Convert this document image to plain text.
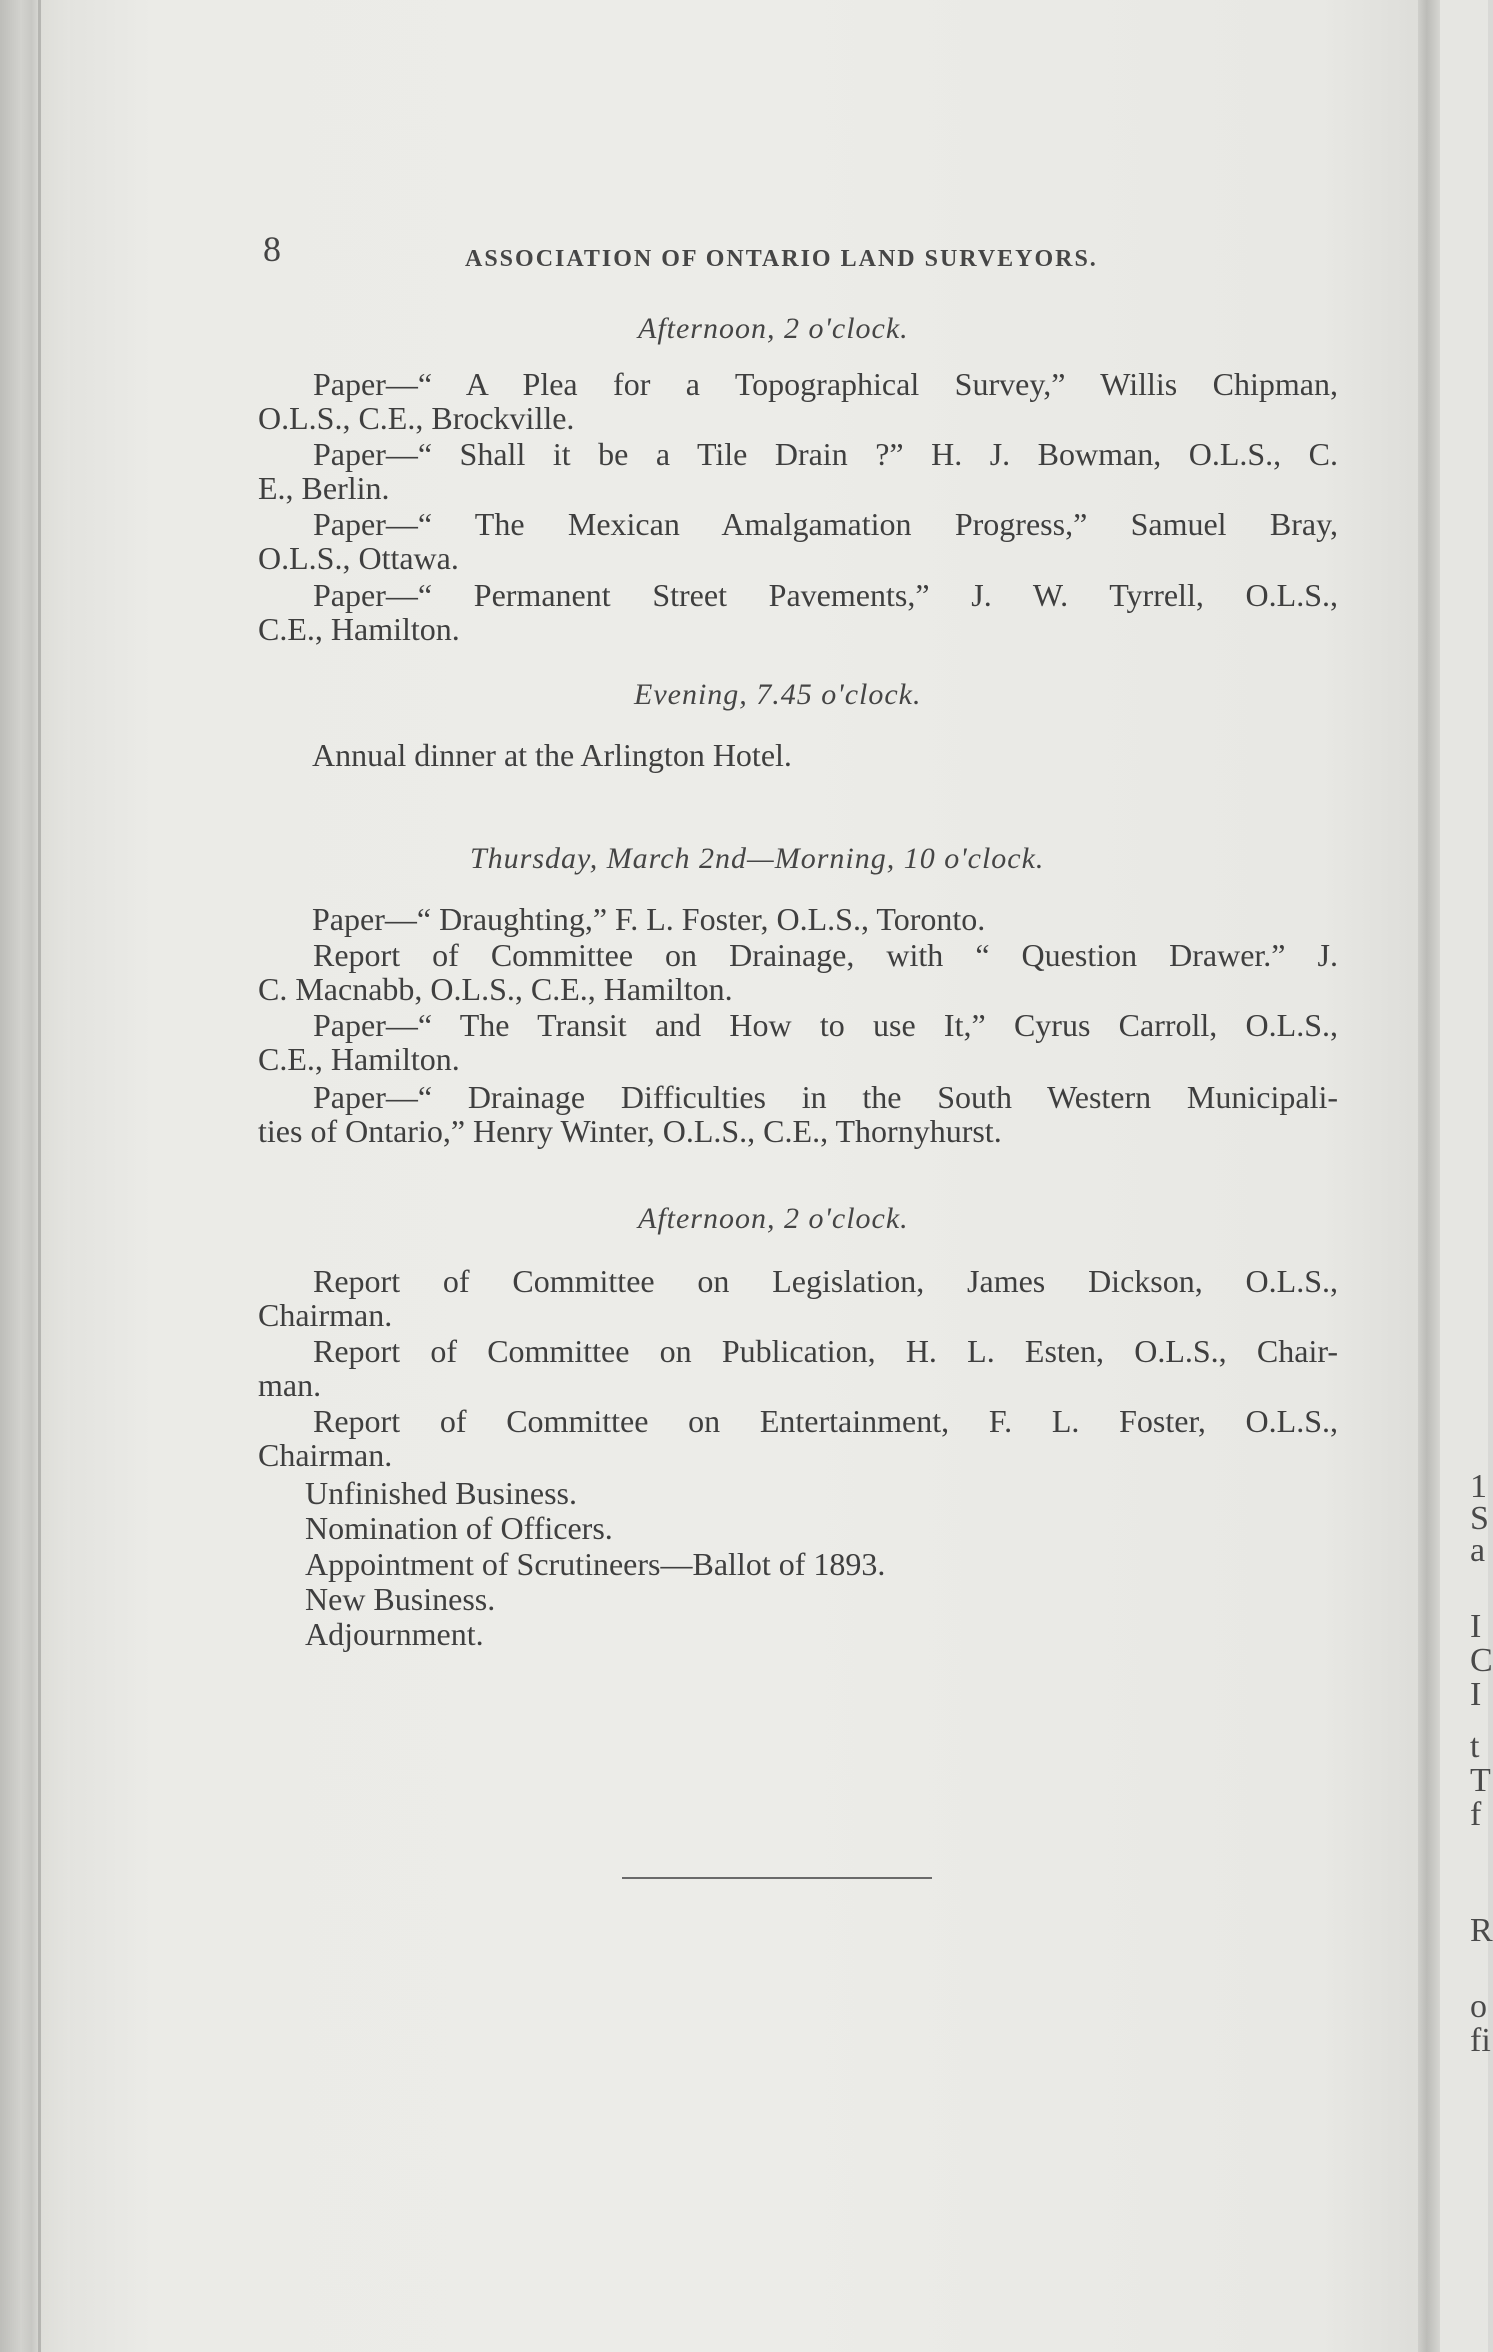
1
S
a
I
C
I
t
T
f
R
o
fi
8	ASSOCIATION OF ONTARIO LAND SURVEYORS.
Afternoon, 2 o'clock.
Paper—“ A Plea for a Topographical Survey,” Willis Chipman,
O.L.S., C.E., Brockville.
Paper—“ Shall it be a Tile Drain ?” H. J. Bowman, O.L.S., C.
E., Berlin.
Paper—“ The Mexican Amalgamation Progress,” Samuel Bray,
O.L.S., Ottawa.
Paper—“ Permanent Street Pavements,” J. W. Tyrrell, O.L.S.,
C.E., Hamilton.
Evening, 7.45 o'clock.
Annual dinner at the Arlington Hotel.
Thursday, March 2nd—Morning, 10 o'clock.
Paper—“ Draughting,” F. L. Foster, O.L.S., Toronto.
Report of Committee on Drainage, with “ Question Drawer.” J.
C. Macnabb, O.L.S., C.E., Hamilton.
Paper—“ The Transit and How to use It,” Cyrus Carroll, O.L.S.,
C.E., Hamilton.
Paper—“ Drainage Difficulties in the South Western Municipali-
ties of Ontario,” Henry Winter, O.L.S., C.E., Thornyhurst.
Afternoon, 2 o'clock.
Report of Committee on Legislation, James Dickson, O.L.S.,
Chairman.
Report of Committee on Publication, H. L. Esten, O.L.S., Chair-
man.
Report of Committee on Entertainment, F. L. Foster, O.L.S.,
Chairman.
Unfinished Business.
Nomination of Officers.
Appointment of Scrutineers—Ballot of 1893.
New Business.
Adjournment.
